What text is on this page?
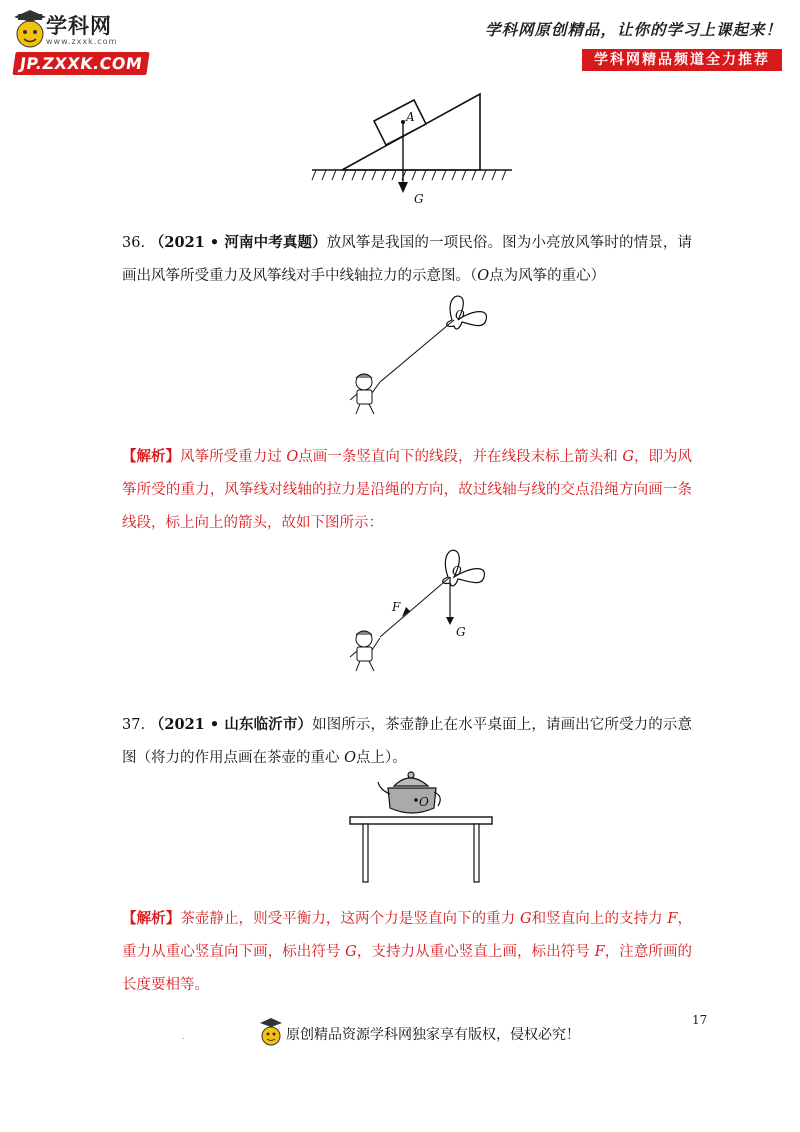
学科网
www.zxxk.com
JP.ZXXK.COM
学科网原创精品，让你的学习上课起来！
学科网精品频道全力推荐
A
G
36. （2021 • 河南中考真题）放风筝是我国的一项民俗。图为小亮放风筝时的情景，请画出风筝所受重力及风筝线对手中线轴拉力的示意图。（O点为风筝的重心）
O
【解析】风筝所受重力过 O点画一条竖直向下的线段，并在线段末标上箭头和 G，即为风筝所受的重力，风筝线对线轴的拉力是沿绳的方向，故过线轴与线的交点沿绳方向画一条线段，标上向上的箭头，故如下图所示：
O
F
G
37. （2021 • 山东临沂市）如图所示，茶壶静止在水平桌面上，请画出它所受力的示意图（将力的作用点画在茶壶的重心 O点上）。
O
【解析】茶壶静止，则受平衡力，这两个力是竖直向下的重力 G和竖直向上的支持力 F，重力从重心竖直向下画，标出符号 G，支持力从重心竖直上画，标出符号 F，注意所画的长度要相等。
17
.	原创精品资源学科网独家享有版权，侵权必究！
